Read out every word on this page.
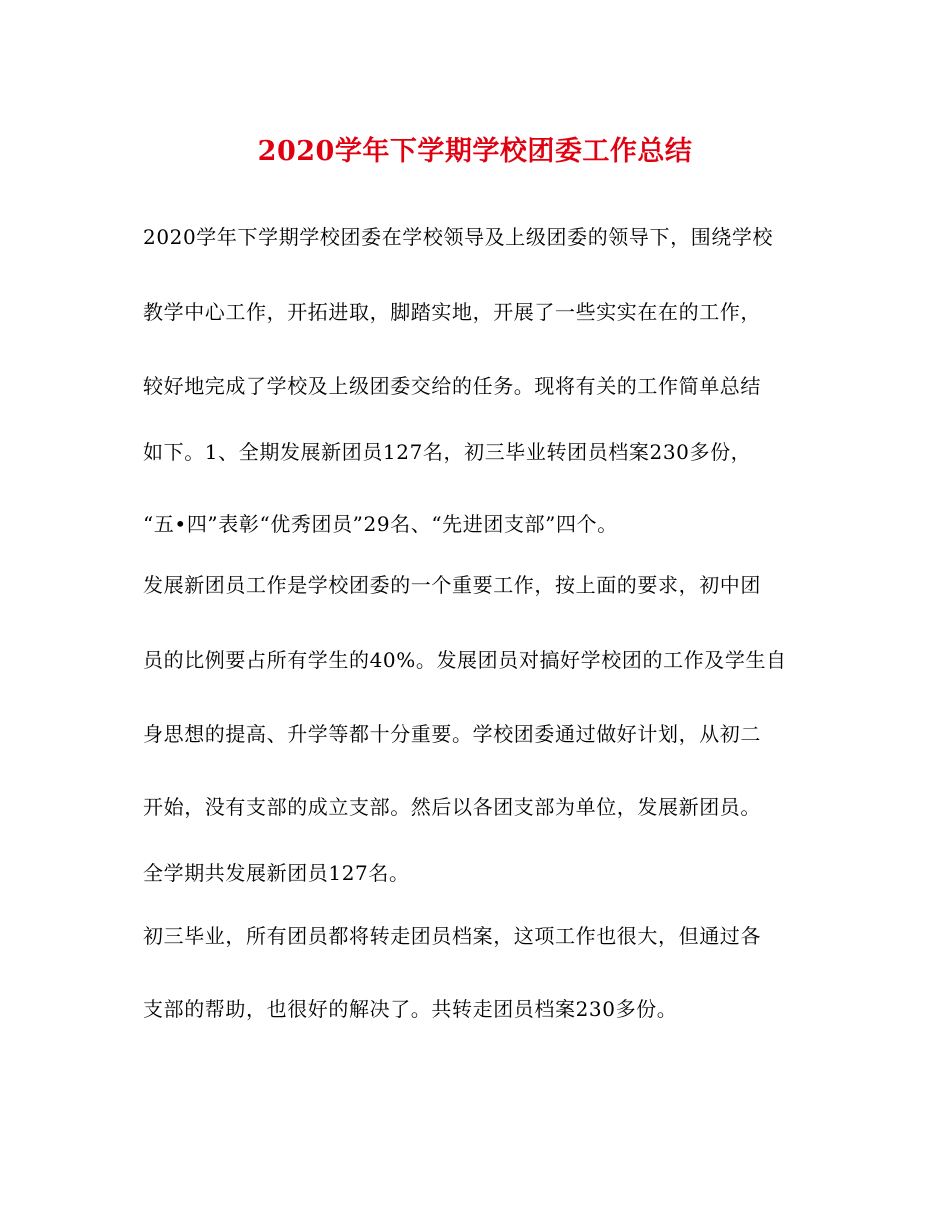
2020学年下学期学校团委工作总结
2020学年下学期学校团委在学校领导及上级团委的领导下，围绕学校
教学中心工作，开拓进取，脚踏实地，开展了一些实实在在的工作，
较好地完成了学校及上级团委交给的任务。现将有关的工作简单总结
如下。1、全期发展新团员127名，初三毕业转团员档案230多份，
“五•四”表彰“优秀团员”29名、“先进团支部”四个。
发展新团员工作是学校团委的一个重要工作，按上面的要求，初中团
员的比例要占所有学生的40%。发展团员对搞好学校团的工作及学生自
身思想的提高、升学等都十分重要。学校团委通过做好计划，从初二
开始，没有支部的成立支部。然后以各团支部为单位，发展新团员。
全学期共发展新团员127名。
初三毕业，所有团员都将转走团员档案，这项工作也很大，但通过各
支部的帮助，也很好的解决了。共转走团员档案230多份。
